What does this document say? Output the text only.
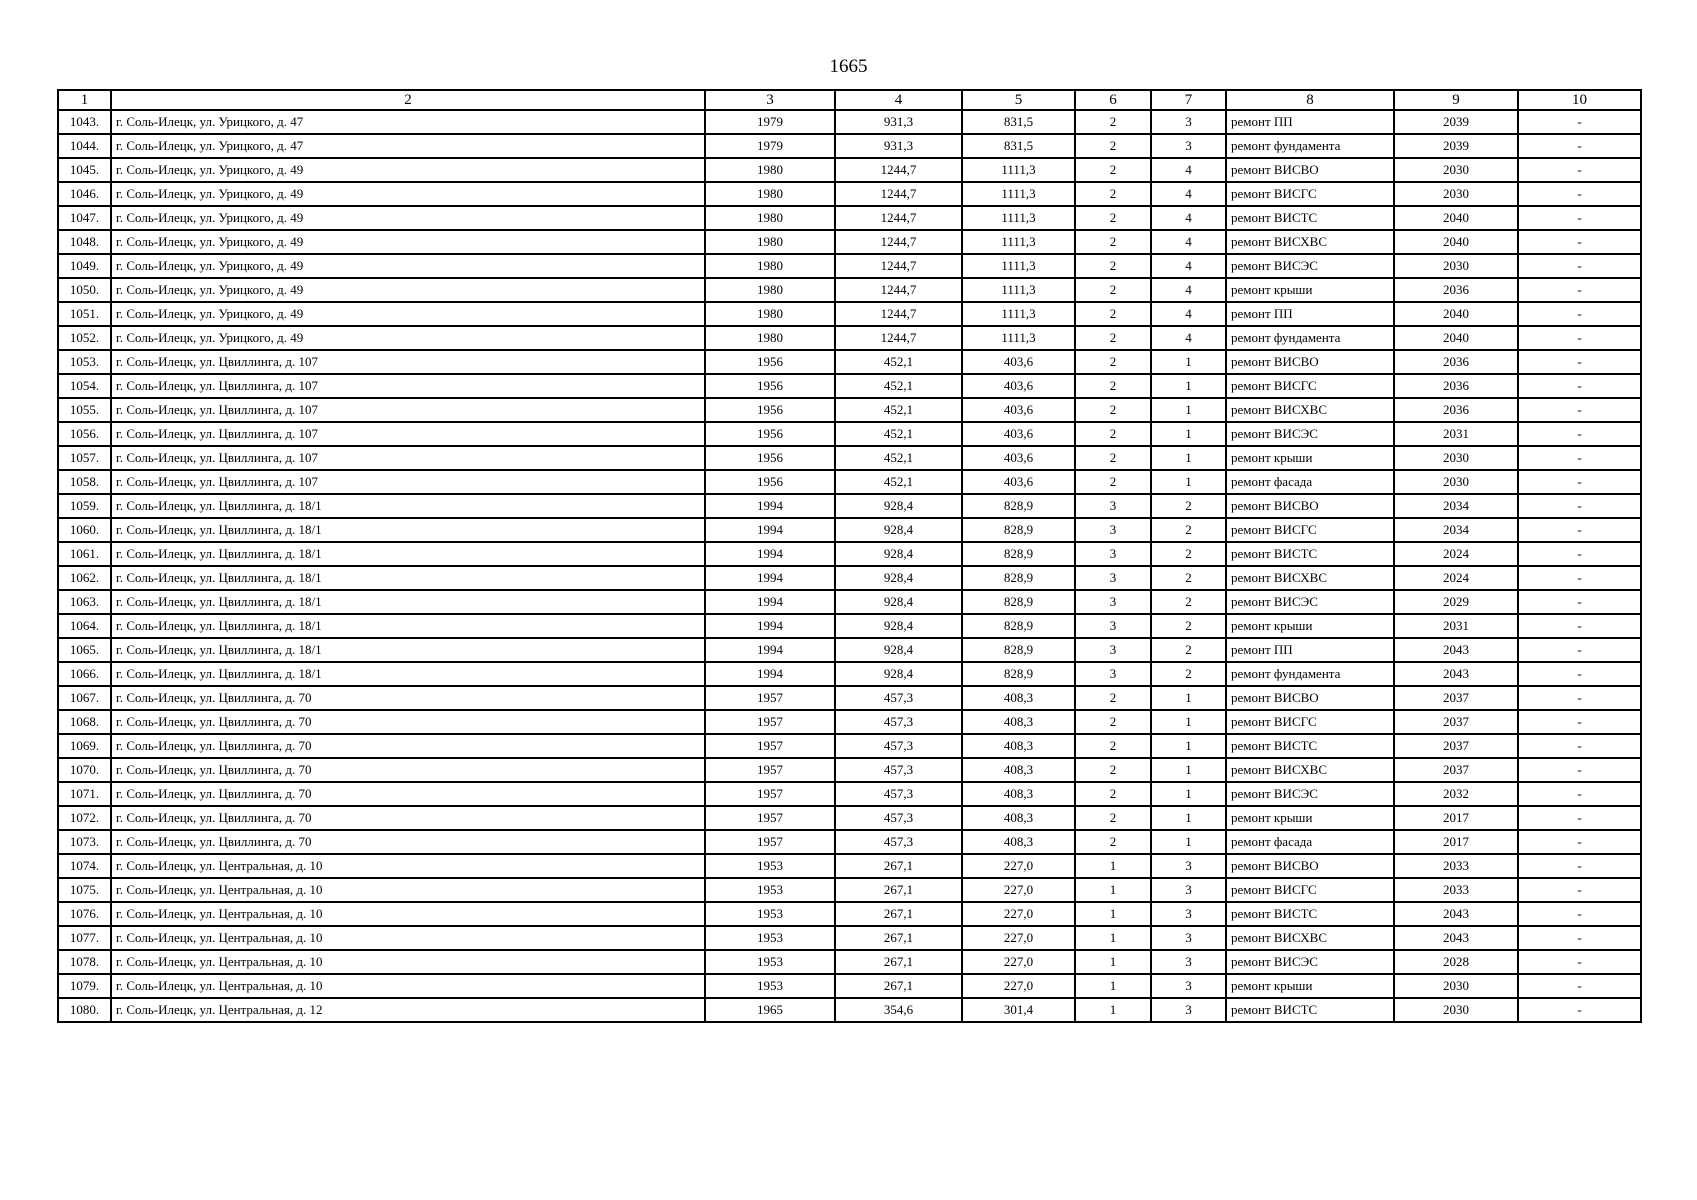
1665
1	2	3	4	5	6	7	8	9	10
1043.	г. Соль-Илецк, ул. Урицкого, д. 47	1979	931,3	831,5	2	3	ремонт ПП	2039	-
1044.	г. Соль-Илецк, ул. Урицкого, д. 47	1979	931,3	831,5	2	3	ремонт фундамента	2039	-
1045.	г. Соль-Илецк, ул. Урицкого, д. 49	1980	1244,7	1111,3	2	4	ремонт ВИСВО	2030	-
1046.	г. Соль-Илецк, ул. Урицкого, д. 49	1980	1244,7	1111,3	2	4	ремонт ВИСГС	2030	-
1047.	г. Соль-Илецк, ул. Урицкого, д. 49	1980	1244,7	1111,3	2	4	ремонт ВИСТС	2040	-
1048.	г. Соль-Илецк, ул. Урицкого, д. 49	1980	1244,7	1111,3	2	4	ремонт ВИСХВС	2040	-
1049.	г. Соль-Илецк, ул. Урицкого, д. 49	1980	1244,7	1111,3	2	4	ремонт ВИСЭС	2030	-
1050.	г. Соль-Илецк, ул. Урицкого, д. 49	1980	1244,7	1111,3	2	4	ремонт крыши	2036	-
1051.	г. Соль-Илецк, ул. Урицкого, д. 49	1980	1244,7	1111,3	2	4	ремонт ПП	2040	-
1052.	г. Соль-Илецк, ул. Урицкого, д. 49	1980	1244,7	1111,3	2	4	ремонт фундамента	2040	-
1053.	г. Соль-Илецк, ул. Цвиллинга, д. 107	1956	452,1	403,6	2	1	ремонт ВИСВО	2036	-
1054.	г. Соль-Илецк, ул. Цвиллинга, д. 107	1956	452,1	403,6	2	1	ремонт ВИСГС	2036	-
1055.	г. Соль-Илецк, ул. Цвиллинга, д. 107	1956	452,1	403,6	2	1	ремонт ВИСХВС	2036	-
1056.	г. Соль-Илецк, ул. Цвиллинга, д. 107	1956	452,1	403,6	2	1	ремонт ВИСЭС	2031	-
1057.	г. Соль-Илецк, ул. Цвиллинга, д. 107	1956	452,1	403,6	2	1	ремонт крыши	2030	-
1058.	г. Соль-Илецк, ул. Цвиллинга, д. 107	1956	452,1	403,6	2	1	ремонт фасада	2030	-
1059.	г. Соль-Илецк, ул. Цвиллинга, д. 18/1	1994	928,4	828,9	3	2	ремонт ВИСВО	2034	-
1060.	г. Соль-Илецк, ул. Цвиллинга, д. 18/1	1994	928,4	828,9	3	2	ремонт ВИСГС	2034	-
1061.	г. Соль-Илецк, ул. Цвиллинга, д. 18/1	1994	928,4	828,9	3	2	ремонт ВИСТС	2024	-
1062.	г. Соль-Илецк, ул. Цвиллинга, д. 18/1	1994	928,4	828,9	3	2	ремонт ВИСХВС	2024	-
1063.	г. Соль-Илецк, ул. Цвиллинга, д. 18/1	1994	928,4	828,9	3	2	ремонт ВИСЭС	2029	-
1064.	г. Соль-Илецк, ул. Цвиллинга, д. 18/1	1994	928,4	828,9	3	2	ремонт крыши	2031	-
1065.	г. Соль-Илецк, ул. Цвиллинга, д. 18/1	1994	928,4	828,9	3	2	ремонт ПП	2043	-
1066.	г. Соль-Илецк, ул. Цвиллинга, д. 18/1	1994	928,4	828,9	3	2	ремонт фундамента	2043	-
1067.	г. Соль-Илецк, ул. Цвиллинга, д. 70	1957	457,3	408,3	2	1	ремонт ВИСВО	2037	-
1068.	г. Соль-Илецк, ул. Цвиллинга, д. 70	1957	457,3	408,3	2	1	ремонт ВИСГС	2037	-
1069.	г. Соль-Илецк, ул. Цвиллинга, д. 70	1957	457,3	408,3	2	1	ремонт ВИСТС	2037	-
1070.	г. Соль-Илецк, ул. Цвиллинга, д. 70	1957	457,3	408,3	2	1	ремонт ВИСХВС	2037	-
1071.	г. Соль-Илецк, ул. Цвиллинга, д. 70	1957	457,3	408,3	2	1	ремонт ВИСЭС	2032	-
1072.	г. Соль-Илецк, ул. Цвиллинга, д. 70	1957	457,3	408,3	2	1	ремонт крыши	2017	-
1073.	г. Соль-Илецк, ул. Цвиллинга, д. 70	1957	457,3	408,3	2	1	ремонт фасада	2017	-
1074.	г. Соль-Илецк, ул. Центральная, д. 10	1953	267,1	227,0	1	3	ремонт ВИСВО	2033	-
1075.	г. Соль-Илецк, ул. Центральная, д. 10	1953	267,1	227,0	1	3	ремонт ВИСГС	2033	-
1076.	г. Соль-Илецк, ул. Центральная, д. 10	1953	267,1	227,0	1	3	ремонт ВИСТС	2043	-
1077.	г. Соль-Илецк, ул. Центральная, д. 10	1953	267,1	227,0	1	3	ремонт ВИСХВС	2043	-
1078.	г. Соль-Илецк, ул. Центральная, д. 10	1953	267,1	227,0	1	3	ремонт ВИСЭС	2028	-
1079.	г. Соль-Илецк, ул. Центральная, д. 10	1953	267,1	227,0	1	3	ремонт крыши	2030	-
1080.	г. Соль-Илецк, ул. Центральная, д. 12	1965	354,6	301,4	1	3	ремонт ВИСТС	2030	-
